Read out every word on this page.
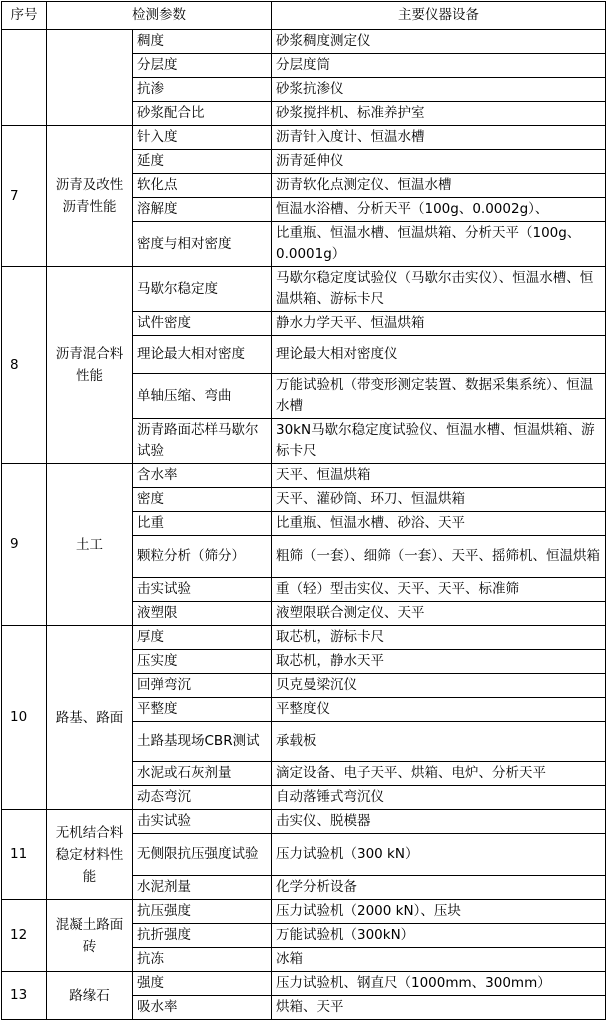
序号	检测参数		主要仪器设备
		稠度	砂浆稠度测定仪
		分层度	分层度筒
		抗渗	砂浆抗渗仪
		砂浆配合比	砂浆搅拌机、标准养护室
7	沥青及改性沥青性能	针入度	沥青针入度计、恒温水槽
		延度	沥青延伸仪
		软化点	沥青软化点测定仪、恒温水槽
		溶解度	恒温水浴槽、分析天平（100g、0.0002g）、
		密度与相对密度	比重瓶、恒温水槽、恒温烘箱、分析天平（100g、0.0001g）
8	沥青混合料性能	马歇尔稳定度	马歇尔稳定度试验仪（马歇尔击实仪）、恒温水槽、恒温烘箱、游标卡尺
		试件密度	静水力学天平、恒温烘箱
		理论最大相对密度	理论最大相对密度仪
		单轴压缩、弯曲	万能试验机（带变形测定装置、数据采集系统）、恒温水槽
		沥青路面芯样马歇尔试验	30kN马歇尔稳定度试验仪、恒温水槽、恒温烘箱、游标卡尺
9	土工	含水率	天平、恒温烘箱
		密度	天平、灌砂筒、环刀、恒温烘箱
		比重	比重瓶、恒温水槽、砂浴、天平
		颗粒分析（筛分）	粗筛（一套）、细筛（一套）、天平、摇筛机、恒温烘箱
		击实试验	重（轻）型击实仪、天平、天平、标准筛
		液塑限	液塑限联合测定仪、天平
10	路基、路面	厚度	取芯机，游标卡尺
		压实度	取芯机，静水天平
		回弹弯沉	贝克曼梁沉仪
		平整度	平整度仪
		土路基现场CBR测试	承载板
		水泥或石灰剂量	滴定设备、电子天平、烘箱、电炉、分析天平
		动态弯沉	自动落锤式弯沉仪
11	无机结合料稳定材料性能	击实试验	击实仪、脱模器
		无侧限抗压强度试验	压力试验机（300 kN）
		水泥剂量	化学分析设备
12	混凝土路面砖	抗压强度	压力试验机（2000 kN）、压块
		抗折强度	万能试验机（300kN）
		抗冻	冰箱
13	路缘石	强度	压力试验机、钢直尺（1000mm、300mm）
		吸水率	烘箱、天平
